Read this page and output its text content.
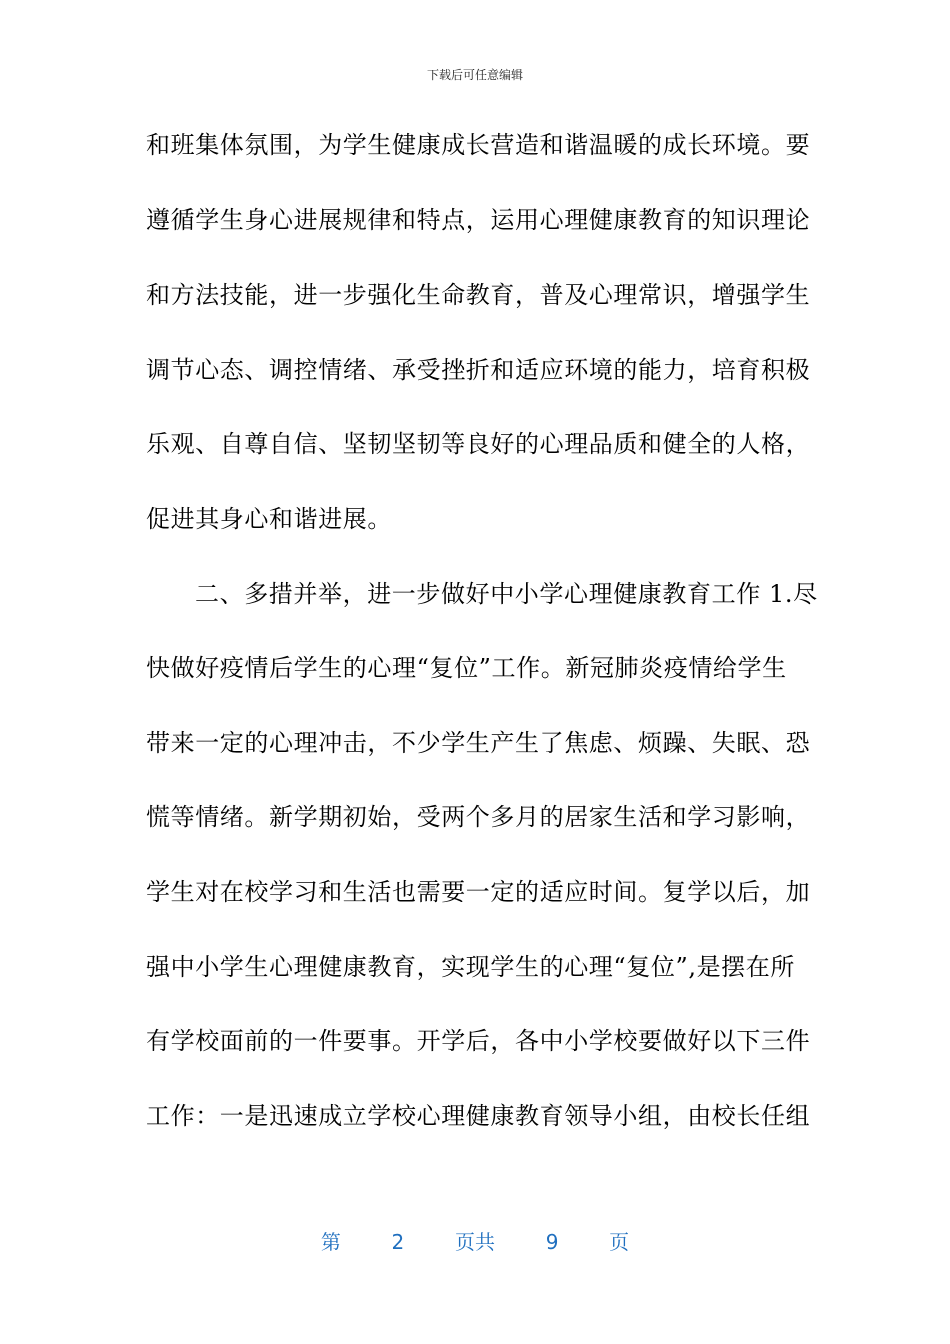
下载后可任意编辑
和班集体氛围，为学生健康成长营造和谐温暖的成长环境。要
遵循学生身心进展规律和特点，运用心理健康教育的知识理论
和方法技能，进一步强化生命教育，普及心理常识，增强学生
调节心态、调控情绪、承受挫折和适应环境的能力，培育积极
乐观、自尊自信、坚韧坚韧等良好的心理品质和健全的人格，
促进其身心和谐进展。
二、多措并举，进一步做好中小学心理健康教育工作 1.尽
快做好疫情后学生的心理“复位”工作。新冠肺炎疫情给学生
带来一定的心理冲击，不少学生产生了焦虑、烦躁、失眠、恐
慌等情绪。新学期初始，受两个多月的居家生活和学习影响，
学生对在校学习和生活也需要一定的适应时间。复学以后，加
强中小学生心理健康教育，实现学生的心理“复位”,是摆在所
有学校面前的一件要事。开学后，各中小学校要做好以下三件
工作：一是迅速成立学校心理健康教育领导小组，由校长任组
第	2	页共	9	页
